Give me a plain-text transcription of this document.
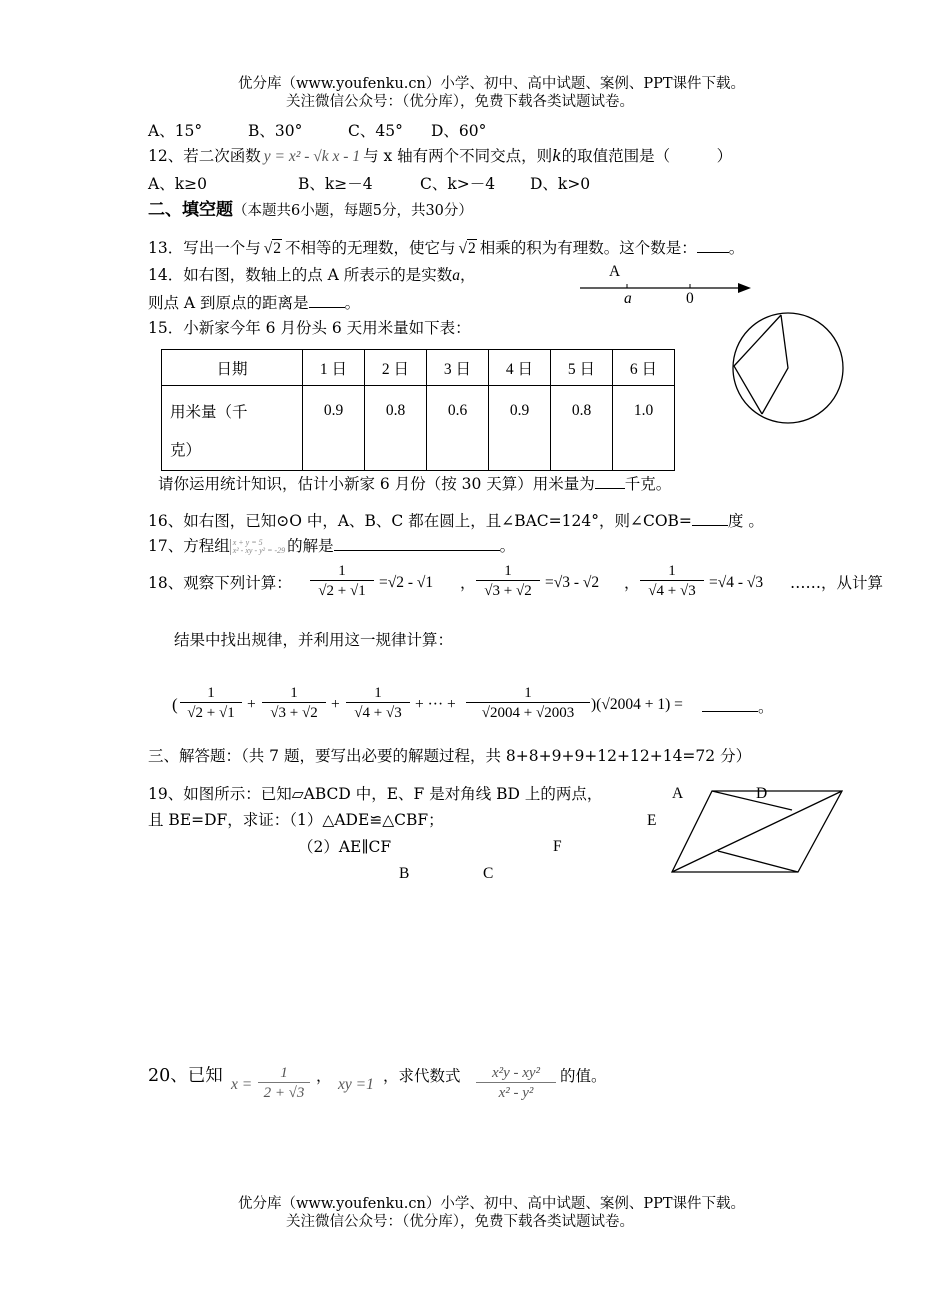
优分库（www.youfenku.cn）小学、初中、高中试题、案例、PPT课件下载。
关注微信公众号：（优分库），免费下载各类试题试卷。
A、15°	B、30°	C、45° D、60°
12、若二次函数 y = x² - √k x - 1 与 x 轴有两个不同交点，则k的取值范围是（　　　）
A、k≥0	B、k≥－4	C、k>－4 D、k>0
二、填空题（本题共6小题，每题5分，共30分）
13．写出一个与 √2 不相等的无理数，使它与 √2 相乘的积为有理数。这个数是： 。
14．如右图，数轴上的点 A 所表示的是实数a，
则点 A 到原点的距离是 。
A
a	0
15．小新家今年 6 月份头 6 天用米量如下表：
日期	1 日	2 日	3 日	4 日	5 日	6 日

用米量（千
克）	0.9	0.8	0.6	0.9	0.8	1.0
请你运用统计知识，估计小新家 6 月份（按 30 天算）用米量为 千克。
16、如右图，已知⊙O 中，A、B、C 都在圆上，且∠BAC=124°，则∠COB= 度 。
17、方程组 x + y = 5
x² - xy - y² = -29 的解是	。
18、观察下列计算：
1
√2 + √1 =√2 - √1 ，
1
√3 + √2 =√3 - √2 ，
1
√4 + √3 =√4 - √3 ……，从计算
结果中找出规律，并利用这一规律计算：
(
1
√2 + √1 +
1
√3 + √2 +
1
√4 + √3 + ··· +
1
√2004 + √2003	)(√2004 + 1) =	。
三、解答题：（共 7 题，要写出必要的解题过程，共 8+8+9+9+12+12+14=72 分）
19、如图所示：已知▱ABCD 中，E、F 是对角线 BD 上的两点，
且 BE=DF，求证：（1）△ADE≌△CBF；
（2）AE∥CF
A	D
E
F
B	C
20、已知 x =
1
2 + √3
， xy =1 ，求代数式	x²y - xy²
x² - y²
的值。
优分库（www.youfenku.cn）小学、初中、高中试题、案例、PPT课件下载。
关注微信公众号：（优分库），免费下载各类试题试卷。
